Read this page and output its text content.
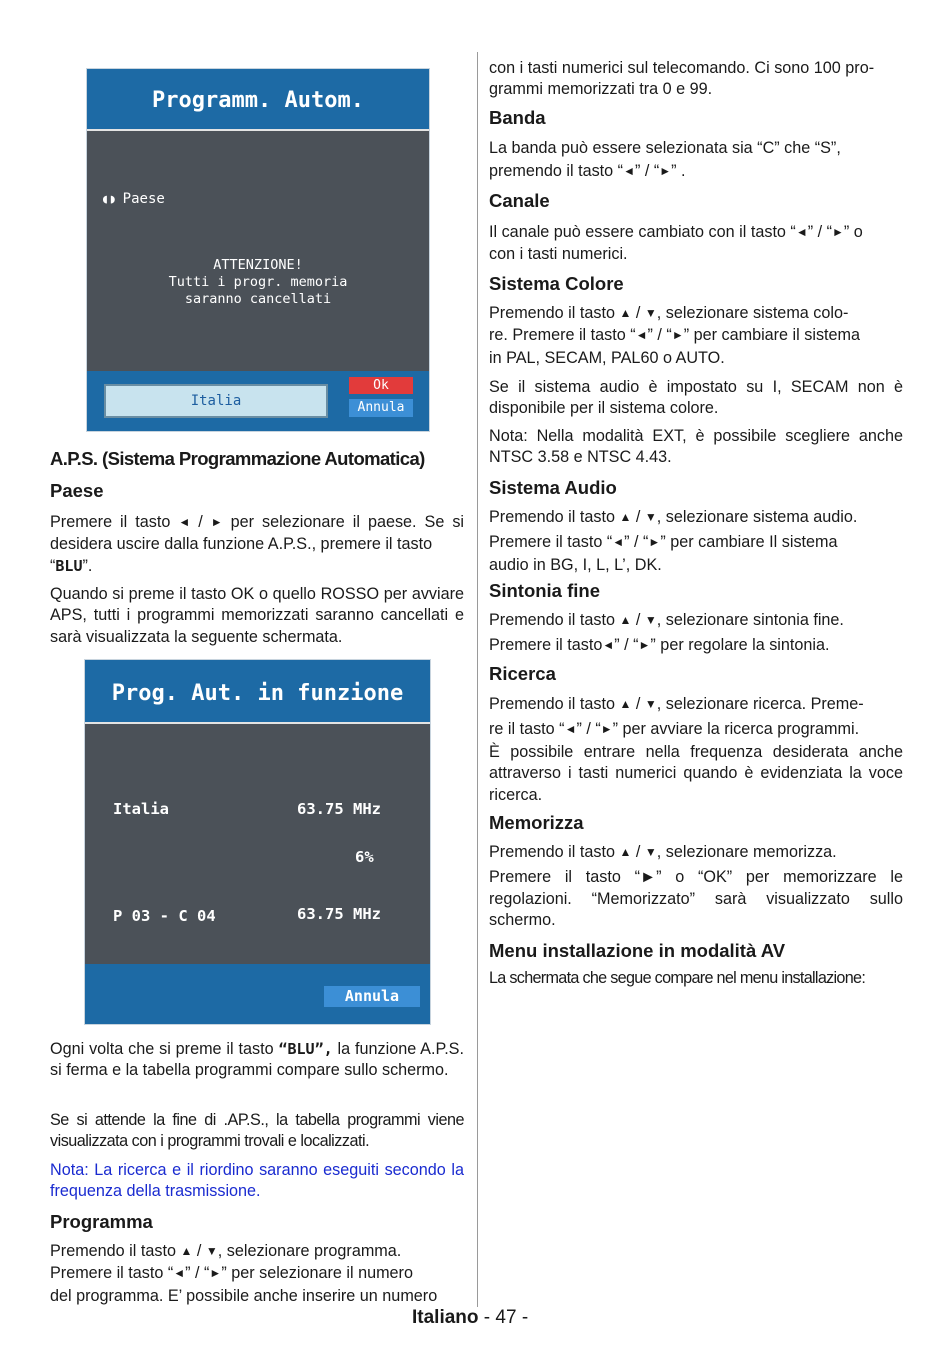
Programm. Autom.
◖◗ Paese
ATTENZIONE!
Tutti i progr. memoria
saranno cancellati
Italia
Ok
Annula
A.P.S. (Sistema Programmazione Automatica)
Paese
Premere il tasto ◄ / ► per selezionare il paese. Se si desidera uscire dalla funzione A.P.S., premere il tasto
“BLU”.
Quando si preme il tasto OK o quello ROSSO per avviare APS, tutti i programmi memorizzati saranno cancellati e sarà visualizzata la seguente schermata.
Ogni volta che si preme il tasto “BLU”, la funzione A.P.S. si ferma e la tabella programmi compare sullo schermo.
Se si attende la fine di .AP.S., la tabella programmi viene visualizzata con i programmi trovali e localizzati.
Nota: La ricerca e il riordino saranno eseguiti secondo la frequenza della trasmissione.
Programma
Premendo il tasto ▲ / ▼, selezionare programma.
Premere il tasto “◄” / “►” per selezionare il numero
del programma. E’ possibile anche inserire un numero
Prog. Aut. in funzione
Italia	63.75 MHz
6%
P 03 - C 04	63.75 MHz
Annula
con i tasti numerici sul telecomando. Ci sono 100 pro-
grammi memorizzati tra 0 e 99.
Banda
La banda può essere selezionata sia “C” che “S”,
premendo il tasto “◄” / “►” .
Canale
Il canale può essere cambiato con il tasto “◄” / “►” o
con i tasti numerici.
Sistema Colore
Premendo il tasto ▲ / ▼, selezionare sistema colo-
re. Premere il tasto “◄” / “►” per cambiare il sistema
in PAL, SECAM, PAL60 o AUTO.
Se il sistema audio è impostato su I, SECAM non è disponibile per il sistema colore.
Nota: Nella modalità EXT, è possibile scegliere anche NTSC 3.58 e NTSC 4.43.
Sistema Audio
Premendo il tasto ▲ / ▼, selezionare sistema audio.
Premere il tasto “◄” / “►” per cambiare Il sistema
audio in BG, I, L, L’, DK.
Sintonia fine
Premendo il tasto ▲ / ▼, selezionare sintonia fine.
Premere il tasto◄” / “►” per regolare la sintonia.
Ricerca
Premendo il tasto ▲ / ▼, selezionare ricerca. Preme-
re il tasto “◄” / “►” per avviare la ricerca programmi.
È possibile entrare nella frequenza desiderata anche attraverso i tasti numerici quando è evidenziata la voce ricerca.
Memorizza
Premendo il tasto ▲ / ▼, selezionare memorizza.
Premere il tasto “►” o “OK” per memorizzare le regolazioni. “Memorizzato” sarà visualizzato sullo schermo.
Menu installazione in modalità AV
La schermata che segue compare nel menu installazione:
Italiano - 47 -
